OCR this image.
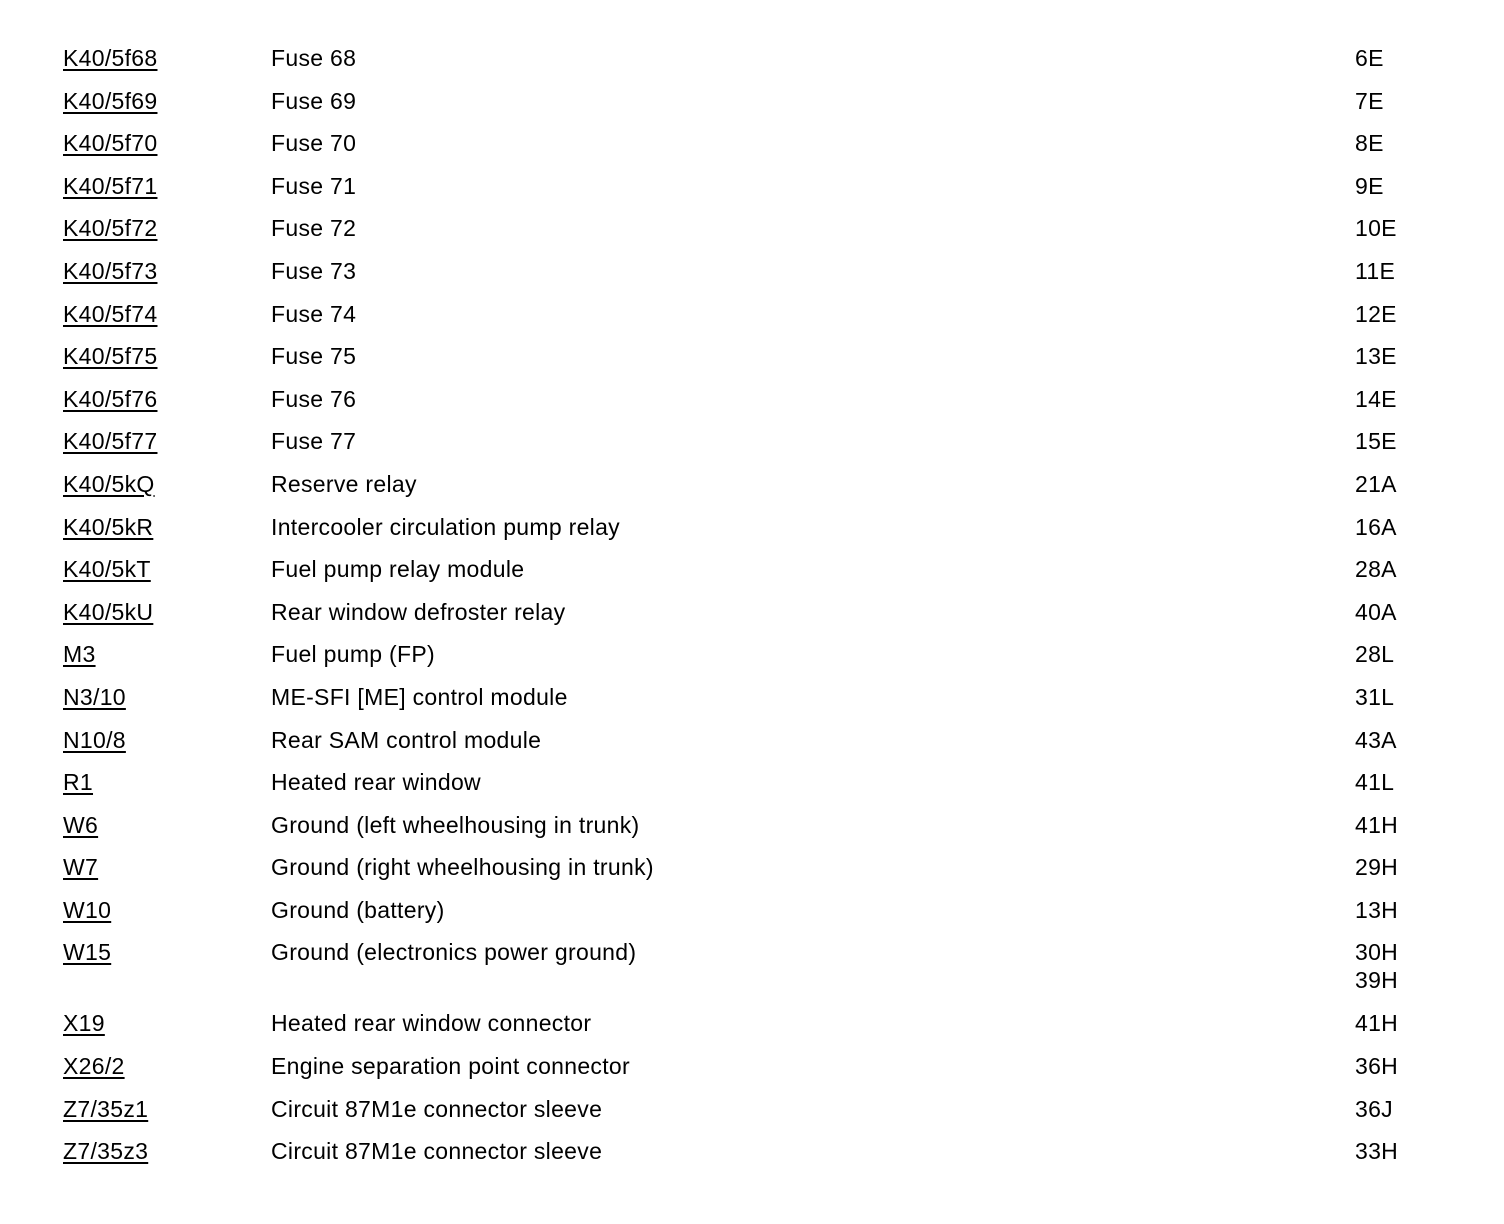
K40/5f68	Fuse 68	6E

K40/5f69	Fuse 69	7E

K40/5f70	Fuse 70	8E

K40/5f71	Fuse 71	9E

K40/5f72	Fuse 72	10E

K40/5f73	Fuse 73	11E

K40/5f74	Fuse 74	12E

K40/5f75	Fuse 75	13E

K40/5f76	Fuse 76	14E

K40/5f77	Fuse 77	15E

K40/5kQ	Reserve relay	21A

K40/5kR	Intercooler circulation pump relay	16A

K40/5kT	Fuel pump relay module	28A

K40/5kU	Rear window defroster relay	40A

M3	Fuel pump (FP)	28L

N3/10	ME-SFI [ME] control module	31L

N10/8	Rear SAM control module	43A

R1	Heated rear window	41L

W6	Ground (left wheelhousing in trunk)	41H

W7	Ground (right wheelhousing in trunk)	29H

W10	Ground (battery)	13H

W15	Ground (electronics power ground)	30H
39H

X19	Heated rear window connector	41H

X26/2	Engine separation point connector	36H

Z7/35z1	Circuit 87M1e connector sleeve	36J

Z7/35z3	Circuit 87M1e connector sleeve	33H
